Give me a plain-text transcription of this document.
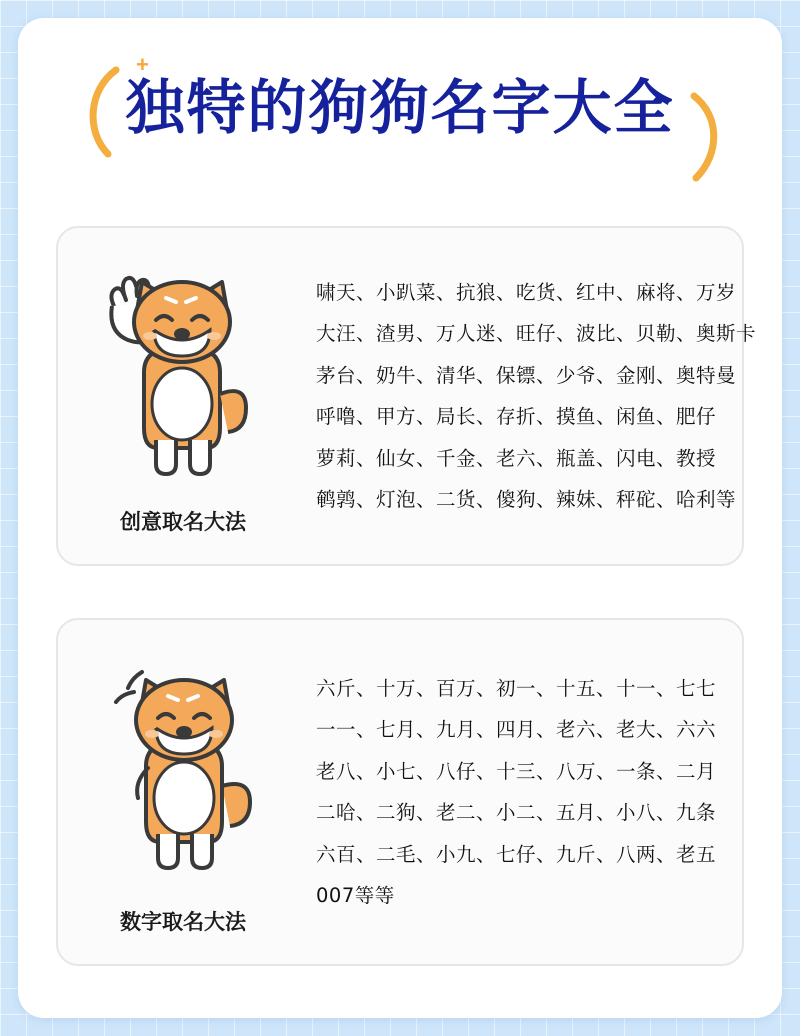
+
独特的狗狗名字大全
创意取名大法
啸天、小趴菜、抗狼、吃货、红中、麻将、万岁
大汪、渣男、万人迷、旺仔、波比、贝勒、奥斯卡
茅台、奶牛、清华、保镖、少爷、金刚、奥特曼
呼噜、甲方、局长、存折、摸鱼、闲鱼、肥仔
萝莉、仙女、千金、老六、瓶盖、闪电、教授
鹌鹑、灯泡、二货、傻狗、辣妹、秤砣、哈利等
数字取名大法
六斤、十万、百万、初一、十五、十一、七七
一一、七月、九月、四月、老六、老大、六六
老八、小七、八仔、十三、八万、一条、二月
二哈、二狗、老二、小二、五月、小八、九条
六百、二毛、小九、七仔、九斤、八两、老五
007等等
